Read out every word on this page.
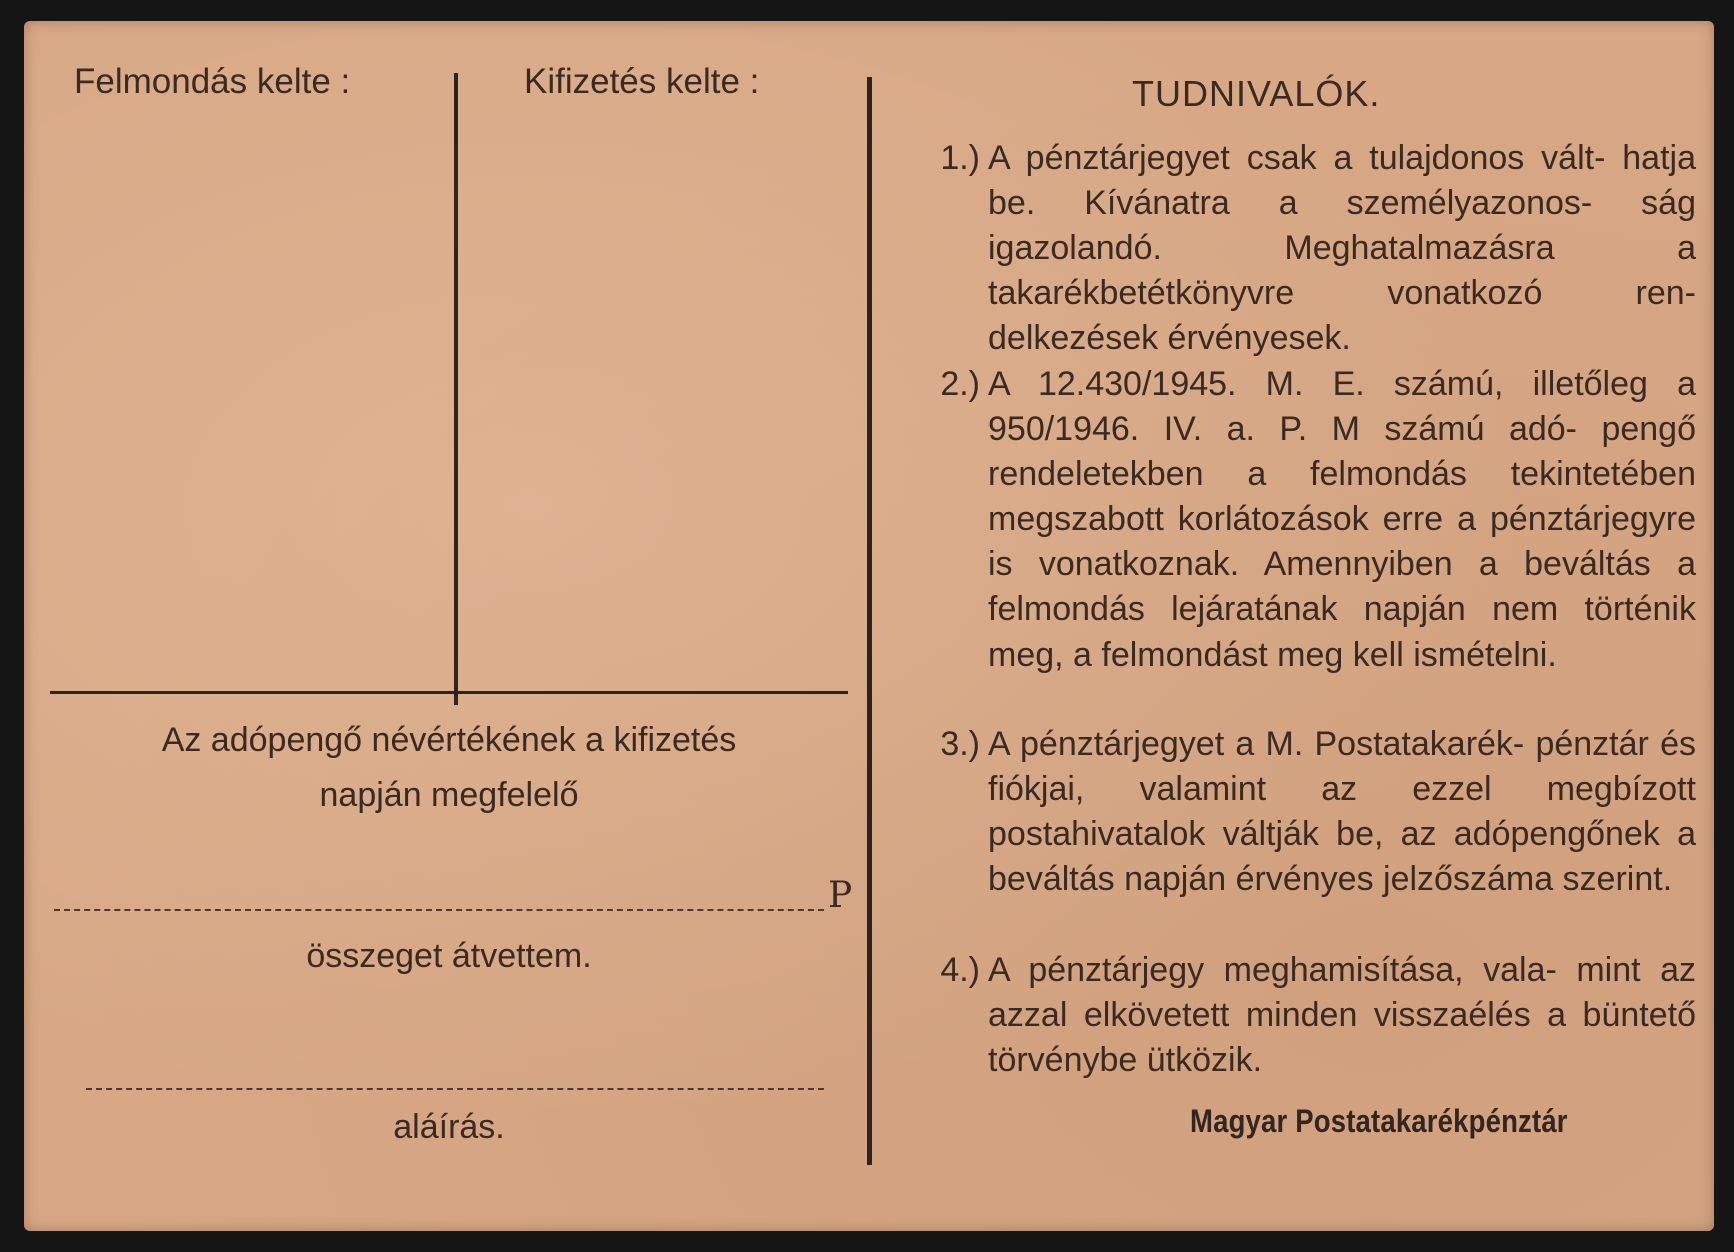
Felmondás kelte :	Kifizetés kelte :
Az adópengő névértékének a kifizetés
napján megfelelő
P
összeget átvettem.
aláírás.
TUDNIVALÓK.
1.) A pénztárjegyet csak a tulajdonos vált- hatja be. Kívánatra a személyazonos- ság igazolandó. Meghatalmazásra a takarékbetétkönyvre vonatkozó ren- delkezések érvényesek.
2.) A 12.430/1945. M. E. számú, illetőleg a 950/1946. IV. a. P. M számú adó- pengő rendeletekben a felmondás tekintetében megszabott korlátozások erre a pénztárjegyre is vonatkoznak. Amennyiben a beváltás a felmondás lejáratának napján nem történik meg, a felmondást meg kell ismételni.
3.) A pénztárjegyet a M. Postatakarék- pénztár és fiókjai, valamint az ezzel megbízott postahivatalok váltják be, az adópengőnek a beváltás napján érvényes jelzőszáma szerint.
4.) A pénztárjegy meghamisítása, vala- mint az azzal elkövetett minden visszaélés a büntető törvénybe ütközik.
Magyar Postatakarékpénztár
